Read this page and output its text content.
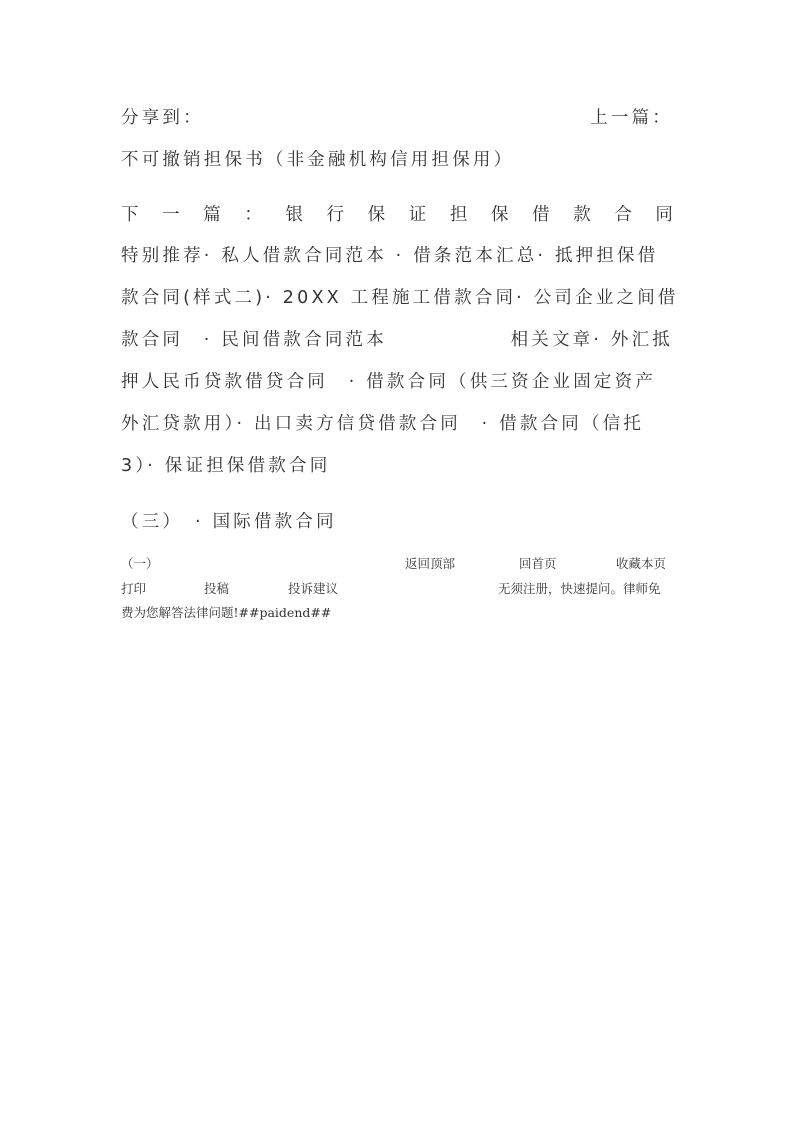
分享到：	上一篇：
不可撤销担保书（非金融机构信用担保用）
下 一 篇 ： 银 行 保 证 担 保 借 款 合 同
特别推荐· 私人借款合同范本 · 借条范本汇总· 抵押担保借
款合同(样式二)· 20XX 工程施工借款合同· 公司企业之间借
款合同　· 民间借款合同范本	相关文章· 外汇抵
押人民币贷款借贷合同　· 借款合同（供三资企业固定资产
外汇贷款用）· 出口卖方信贷借款合同　· 借款合同（信托
3）· 保证担保借款合同
（三）　· 国际借款合同
（一）	返回顶部	回首页	收藏本页
打印	投稿	投诉建议	无须注册，快速提问。律师免
费为您解答法律问题!##paidend##
